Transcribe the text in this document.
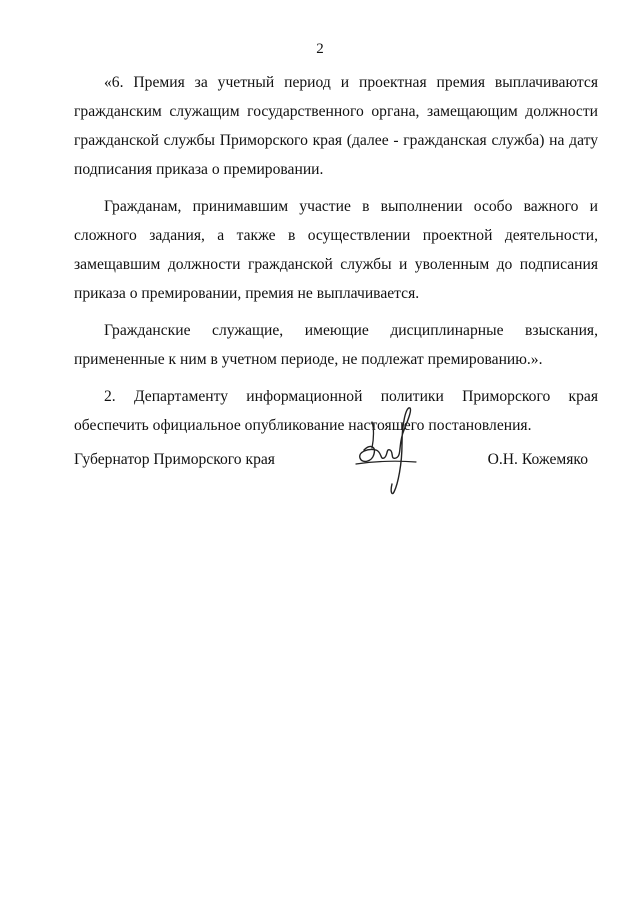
2

«6. Премия за учетный период и проектная премия выплачиваются гражданским служащим государственного органа, замещающим должности гражданской службы Приморского края (далее - гражданская служба) на дату подписания приказа о премировании.

Гражданам, принимавшим участие в выполнении особо важного и сложного задания, а также в осуществлении проектной деятельности, замещавшим должности гражданской службы и уволенным до подписания приказа о премировании, премия не выплачивается.

Гражданские служащие, имеющие дисциплинарные взыскания, примененные к ним в учетном периоде, не подлежат премированию.».

2. Департаменту информационной политики Приморского края обеспечить официальное опубликование настоящего постановления.

Губернатор Приморского края	О.Н. Кожемяко
